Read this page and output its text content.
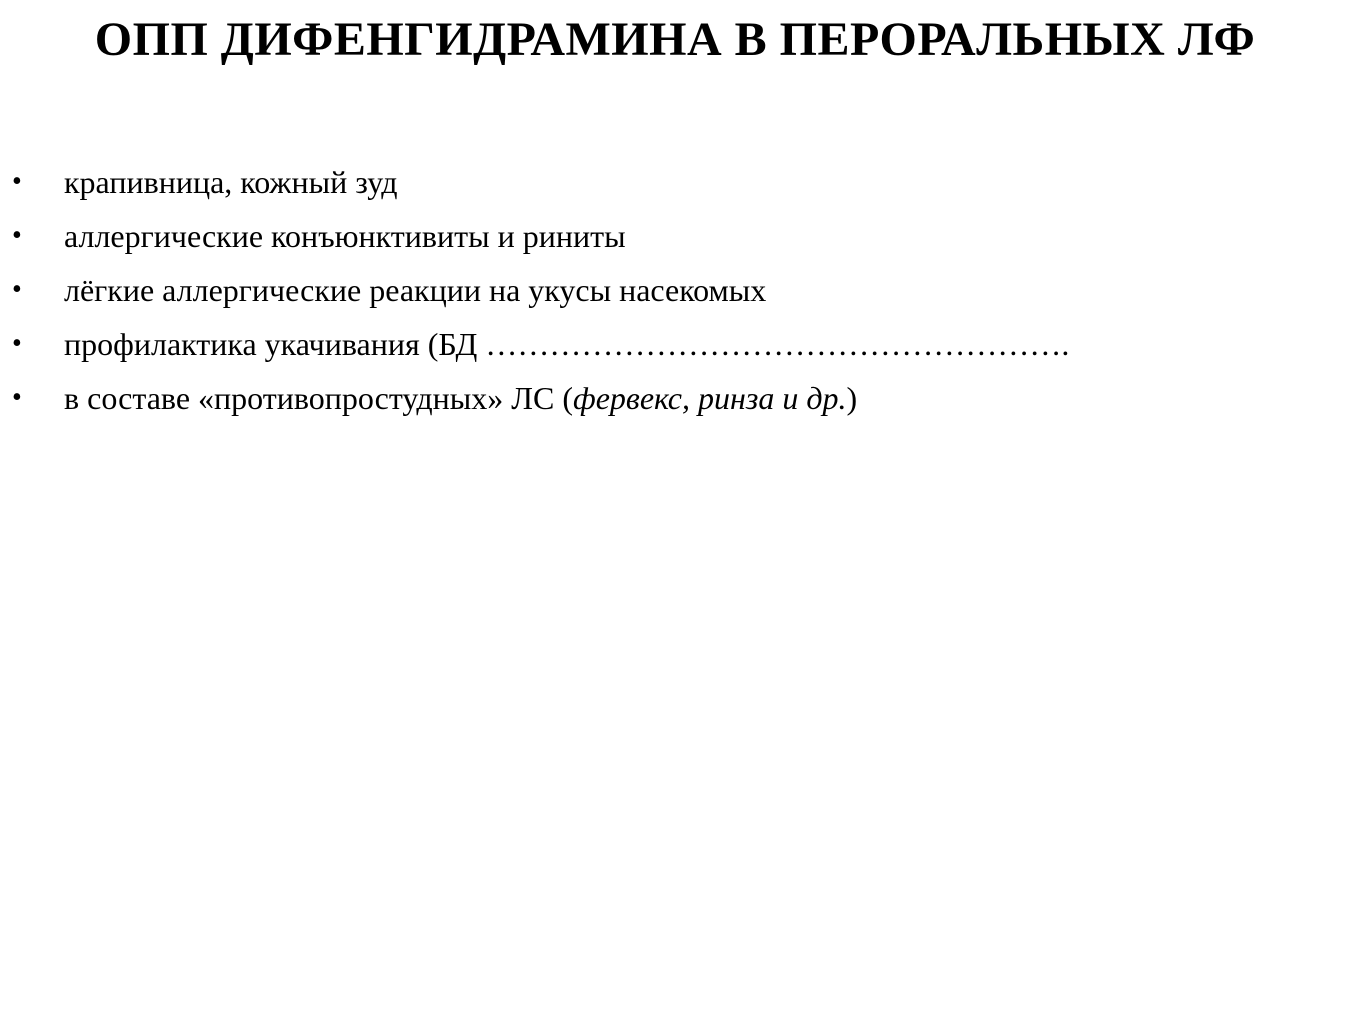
ОПП ДИФЕНГИДРАМИНА В ПЕРОРАЛЬНЫХ ЛФ
• крапивница, кожный зуд
• аллергические конъюнктивиты и риниты
• лёгкие аллергические реакции на укусы насекомых
• профилактика укачивания (БД ……………………………………………….
• в составе «противопростудных» ЛС (фервекс, ринза и др.)
